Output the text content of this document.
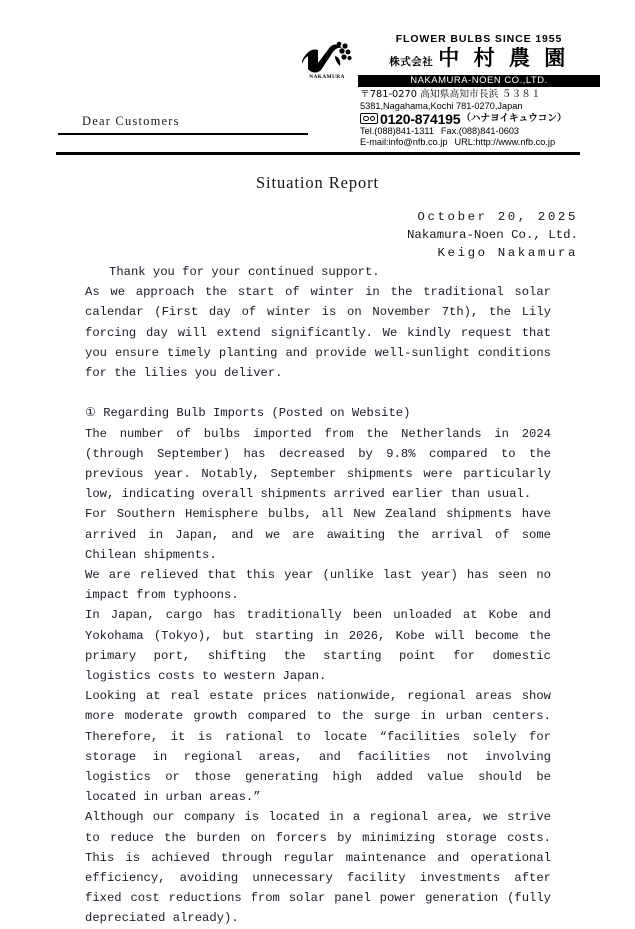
NAKAMURA
FLOWER BULBS SINCE 1955
株式会社 中 村 農 園
NAKAMURA-NOEN CO.,LTD.
〒781-0270 高知県高知市長浜 ５３８１
5381,Nagahama,Kochi 781-0270,Japan
0120-874195 （ハナヨイキュウコン）
Tel.(088)841-1311 Fax.(088)841-0603
E-mail:info@nfb.co.jp URL:http://www.nfb.co.jp
Dear Customers
Situation Report
October 20, 2025
Nakamura-Noen Co., Ltd.
Keigo Nakamura

Thank you for your continued support.

As we approach the start of winter in the traditional solar calendar (First day of winter is on November 7th), the Lily forcing day will extend significantly. We kindly request that you ensure timely planting and provide well-sunlight conditions for the lilies you deliver.

① Regarding Bulb Imports (Posted on Website)

The number of bulbs imported from the Netherlands in 2024 (through September) has decreased by 9.8% compared to the previous year. Notably, September shipments were particularly low, indicating overall shipments arrived earlier than usual.

For Southern Hemisphere bulbs, all New Zealand shipments have arrived in Japan, and we are awaiting the arrival of some Chilean shipments.

We are relieved that this year (unlike last year) has seen no impact from typhoons.

In Japan, cargo has traditionally been unloaded at Kobe and Yokohama (Tokyo), but starting in 2026, Kobe will become the primary port, shifting the starting point for domestic logistics costs to western Japan.

Looking at real estate prices nationwide, regional areas show more moderate growth compared to the surge in urban centers. Therefore, it is rational to locate “facilities solely for storage in regional areas, and facilities not involving logistics or those generating high added value should be located in urban areas.”

Although our company is located in a regional area, we strive to reduce the burden on forcers by minimizing storage costs. This is achieved through regular maintenance and operational efficiency, avoiding unnecessary facility investments after fixed cost reductions from solar panel power generation (fully depreciated already).
